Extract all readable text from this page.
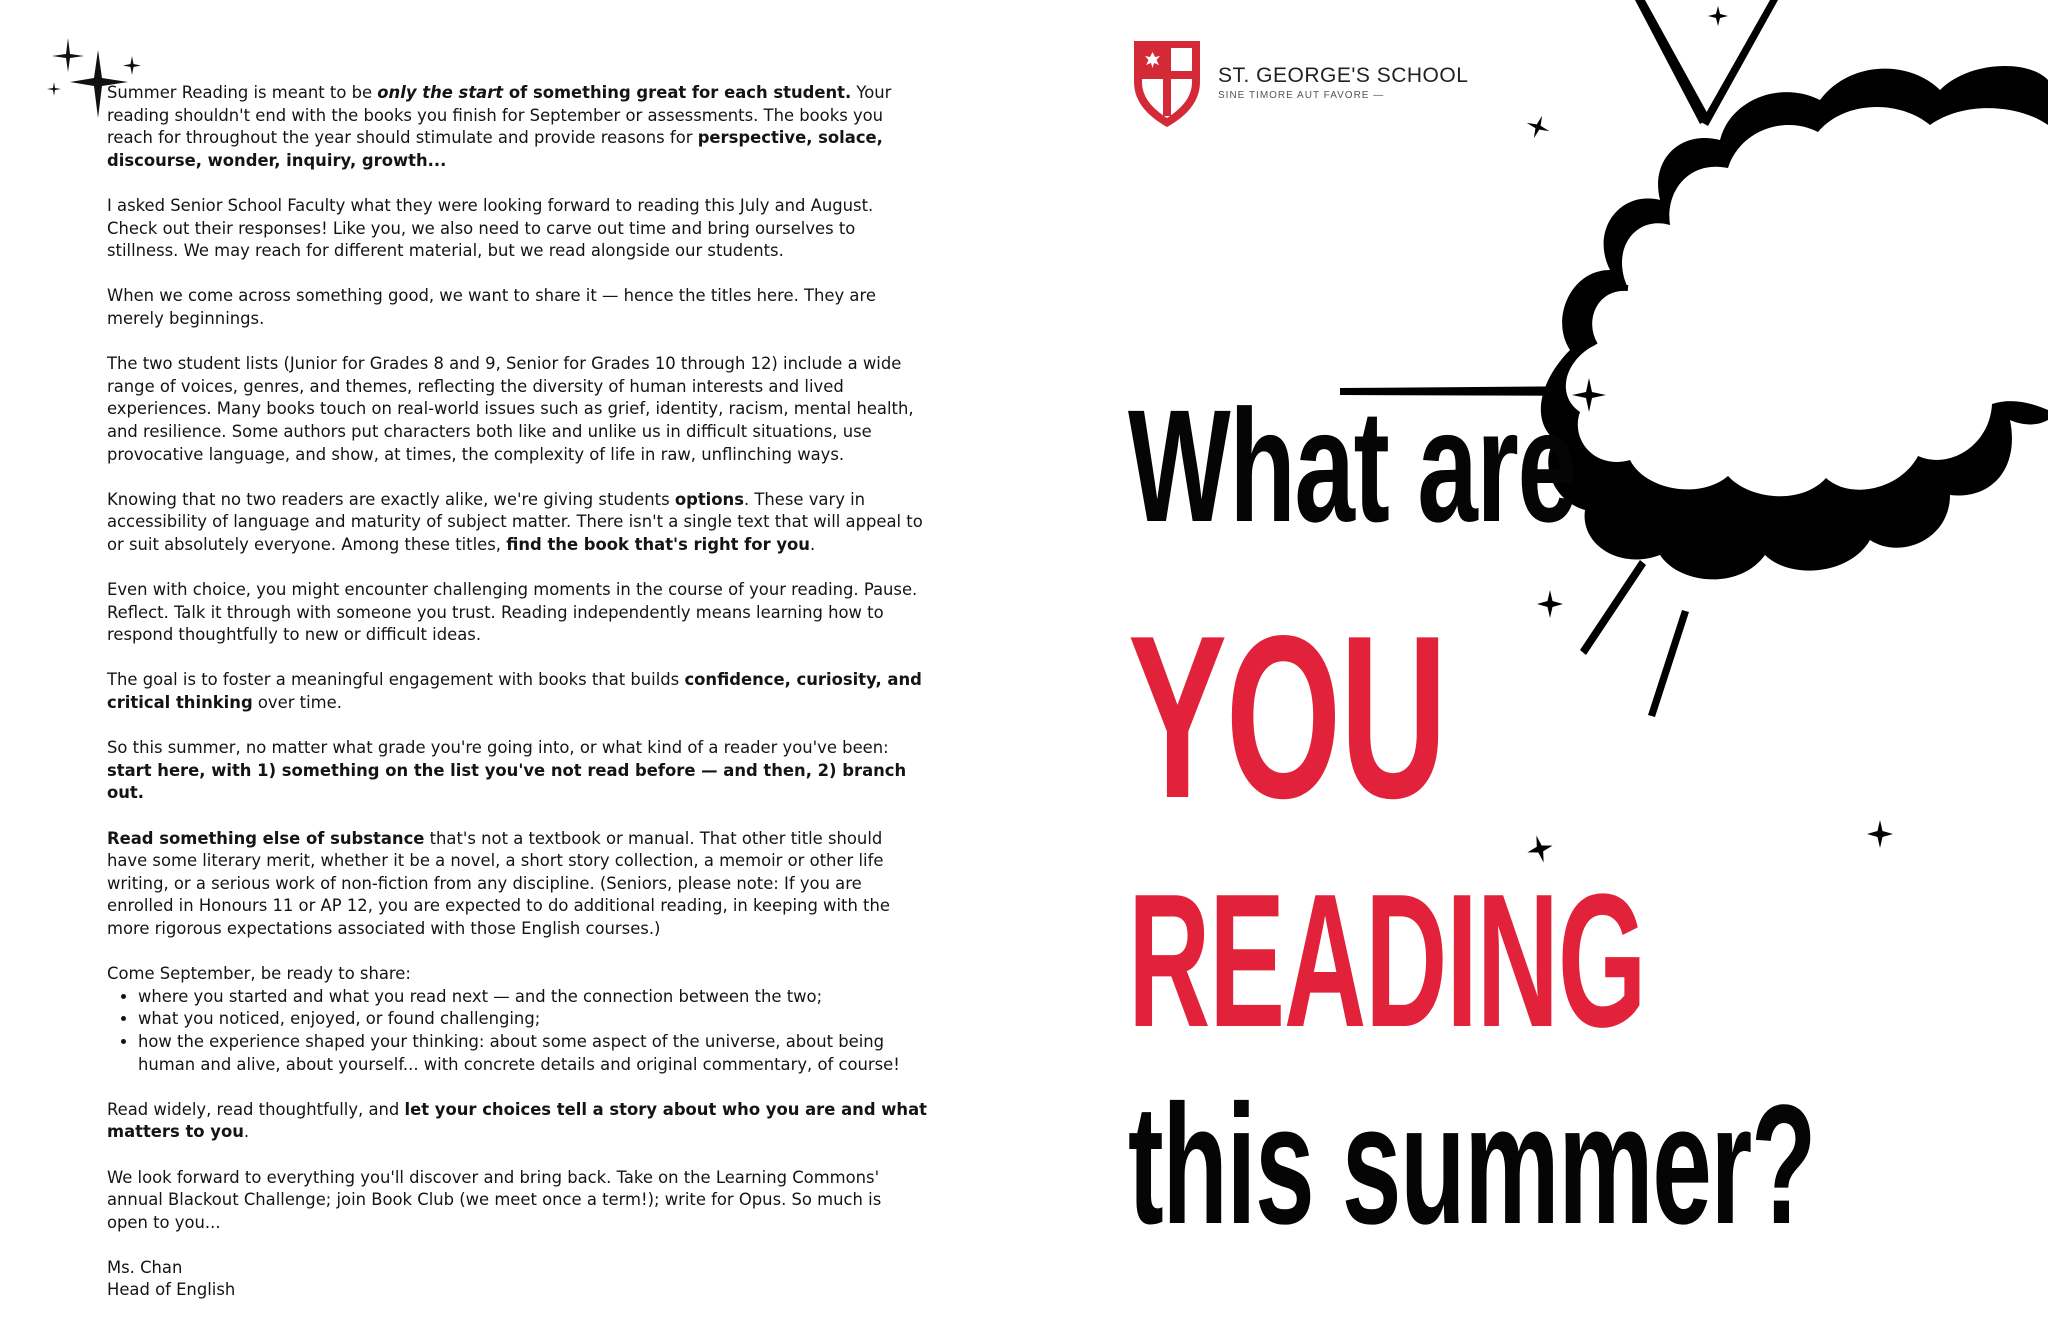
Summer Reading is meant to be only the start of something great for each student. Your reading shouldn't end with the books you finish for September or assessments. The books you reach for throughout the year should stimulate and provide reasons for perspective, solace, discourse, wonder, inquiry, growth...

I asked Senior School Faculty what they were looking forward to reading this July and August. Check out their responses! Like you, we also need to carve out time and bring ourselves to stillness. We may reach for different material, but we read alongside our students.

When we come across something good, we want to share it — hence the titles here. They are merely beginnings.

The two student lists (Junior for Grades 8 and 9, Senior for Grades 10 through 12) include a wide range of voices, genres, and themes, reflecting the diversity of human interests and lived experiences. Many books touch on real-world issues such as grief, identity, racism, mental health, and resilience. Some authors put characters both like and unlike us in difficult situations, use provocative language, and show, at times, the complexity of life in raw, unflinching ways.

Knowing that no two readers are exactly alike, we're giving students options. These vary in accessibility of language and maturity of subject matter. There isn't a single text that will appeal to or suit absolutely everyone. Among these titles, find the book that's right for you.

Even with choice, you might encounter challenging moments in the course of your reading. Pause. Reflect. Talk it through with someone you trust. Reading independently means learning how to respond thoughtfully to new or difficult ideas.

The goal is to foster a meaningful engagement with books that builds confidence, curiosity, and critical thinking over time.

So this summer, no matter what grade you're going into, or what kind of a reader you've been: start here, with 1) something on the list you've not read before — and then, 2) branch out.

Read something else of substance that's not a textbook or manual. That other title should have some literary merit, whether it be a novel, a short story collection, a memoir or other life writing, or a serious work of non-fiction from any discipline. (Seniors, please note: If you are enrolled in Honours 11 or AP 12, you are expected to do additional reading, in keeping with the more rigorous expectations associated with those English courses.)

Come September, be ready to share:
• where you started and what you read next — and the connection between the two;
• what you noticed, enjoyed, or found challenging;
• how the experience shaped your thinking: about some aspect of the universe, about being human and alive, about yourself... with concrete details and original commentary, of course!

Read widely, read thoughtfully, and let your choices tell a story about who you are and what matters to you.

We look forward to everything you'll discover and bring back. Take on the Learning Commons' annual Blackout Challenge; join Book Club (we meet once a term!); write for Opus. So much is open to you...

Ms. Chan
Head of English
ST. GEORGE'S SCHOOL
SINE TIMORE AUT FAVORE —
What are
YOU
READING
this summer?
